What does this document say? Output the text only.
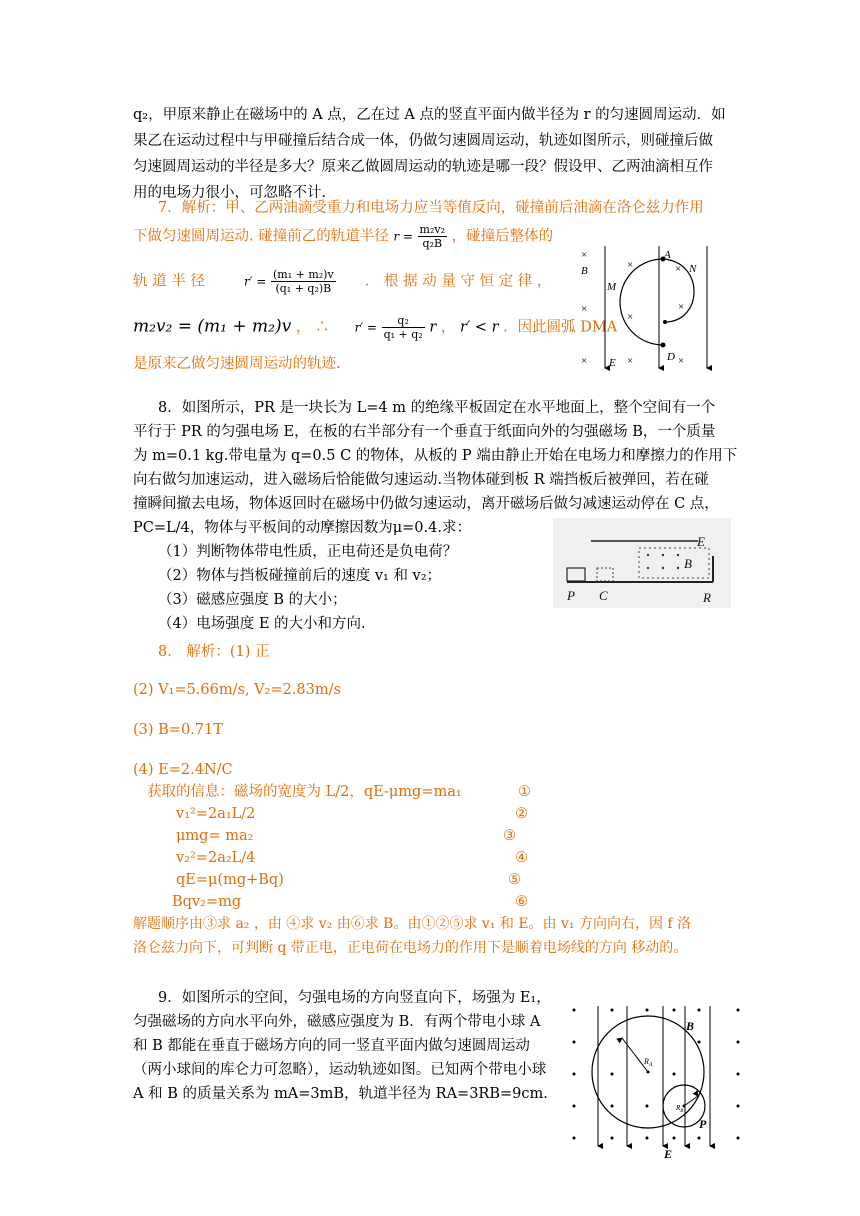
q₂，甲原来静止在磁场中的 A 点，乙在过 A 点的竖直平面内做半径为 r 的匀速圆周运动．如
果乙在运动过程中与甲碰撞后结合成一体，仍做匀速圆周运动，轨迹如图所示，则碰撞后做
匀速圆周运动的半径是多大？原来乙做圆周运动的轨迹是哪一段？假设甲、乙两油滴相互作
用的电场力很小，可忽略不计．
7．解析：甲、乙两油滴受重力和电场力应当等值反向，碰撞前后油滴在洛仑兹力作用
下做匀速圆周运动. 碰撞前乙的轨道半径 $r = \frac{\text{m₂v₂}}{\text{q₂B}}$ ，碰撞后整体的
轨 道 半 径	$r' = \frac{\text{(m₁ + m₂)v}}{\text{(q₁ + q₂)B}}$ ． 根 据 动 量 守 恒 定 律 ，
m₂v₂ = (m₁ + m₂)v ， ∴ $r' = \frac{\text{q₂}}{\text{q₁ + q₂}}$ r ， r′ < r ．因此圆弧 DMA
是原来乙做匀速圆周运动的轨迹.
×
×
×
×
×
×
×
×
×
B
A
N
M
E	D
8．如图所示，PR 是一块长为 L=4 m 的绝缘平板固定在水平地面上，整个空间有一个
平行于 PR 的匀强电场 E，在板的右半部分有一个垂直于纸面向外的匀强磁场 B，一个质量
为 m=0.1 kg.带电量为 q=0.5 C 的物体，从板的 P 端由静止开始在电场力和摩擦力的作用下
向右做匀加速运动，进入磁场后恰能做匀速运动.当物体碰到板 R 端挡板后被弹回，若在碰
撞瞬间撤去电场，物体返回时在磁场中仍做匀速运动，离开磁场后做匀减速运动停在 C 点，
PC=L/4，物体与平板间的动摩擦因数为μ=0.4.求：
（1）判断物体带电性质，正电荷还是负电荷？
（2）物体与挡板碰撞前后的速度 v₁ 和 v₂；
（3）磁感应强度 B 的大小；
（4）电场强度 E 的大小和方向.
P C	R
E
B
8． 解析：(1) 正
(2) V₁=5.66m/s, V₂=2.83m/s
(3) B=0.71T
(4) E=2.4N/C
获取的信息：磁场的宽度为 L/2，qE-μmg=ma₁	①
v₁²=2a₁L/2	②
μmg= ma₂	③
v₂²=2a₂L/4	④
qE=μ(mg+Bq)	⑤
Bqv₂=mg	⑥
解题顺序由③求 a₂ ，由 ④求 v₂ 由⑥求 B。由①②⑤求 v₁ 和 E。由 v₁ 方向向右，因 f 洛
洛仑兹力向下，可判断 q 带正电，正电荷在电场力的作用下是顺着电场线的方向 移动的。
9．如图所示的空间，匀强电场的方向竖直向下，场强为 E₁，
匀强磁场的方向水平向外，磁感应强度为 B．有两个带电小球 A
和 B 都能在垂直于磁场方向的同一竖直平面内做匀速圆周运动
（两小球间的库仑力可忽略），运动轨迹如图。已知两个带电小球
A 和 B 的质量关系为 mA=3mB，轨道半径为 RA=3RB=9cm.
B
$R_A$
$R_B$
P
E
